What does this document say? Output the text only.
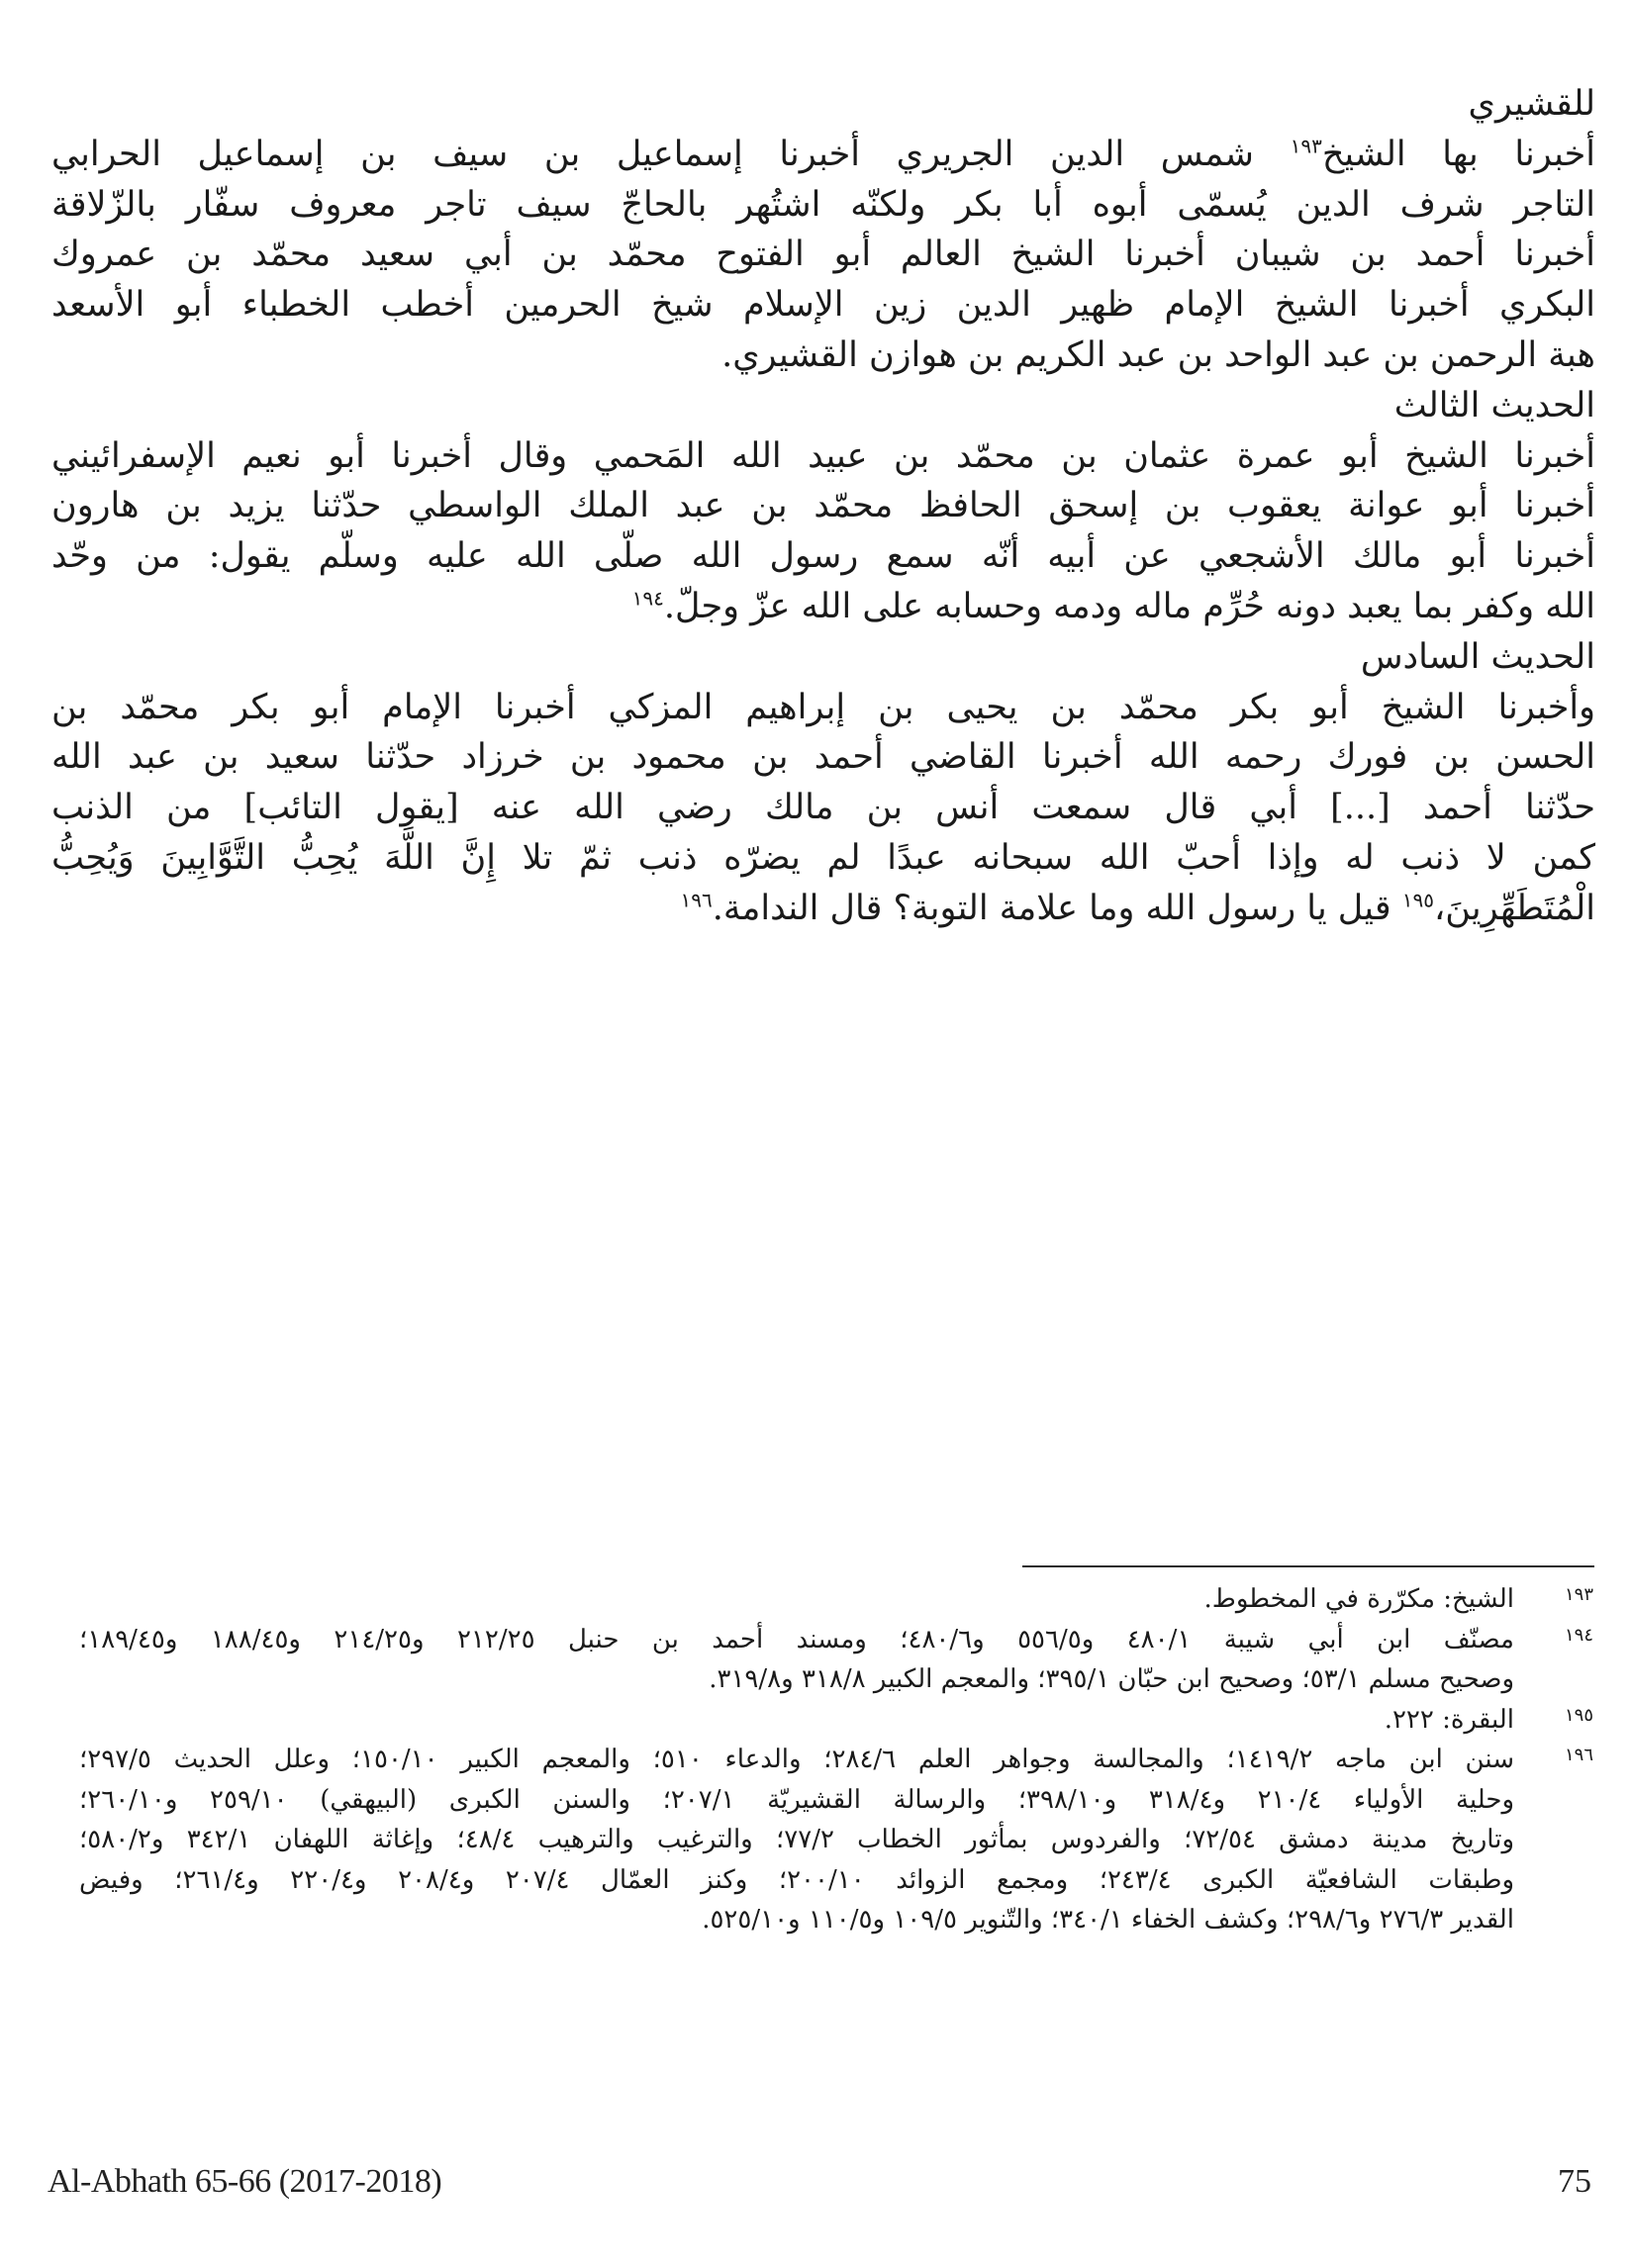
للقشيري
أخبرنا بها الشيخ$^{١٩٣}$ شمس الدين الجريري أخبرنا إسماعيل بن سيف بن إسماعيل الحرابي
التاجر شرف الدين يُسمّى أبوه أبا بكر ولكنّه اشتُهر بالحاجّ سيف تاجر معروف سفّار بالزّلاقة
أخبرنا أحمد بن شيبان أخبرنا الشيخ العالم أبو الفتوح محمّد بن أبي سعيد محمّد بن عمروك
البكري أخبرنا الشيخ الإمام ظهير الدين زين الإسلام شيخ الحرمين أخطب الخطباء أبو الأسعد
هبة الرحمن بن عبد الواحد بن عبد الكريم بن هوازن القشيري.
الحديث الثالث
أخبرنا الشيخ أبو عمرة عثمان بن محمّد بن عبيد الله المَحمي وقال أخبرنا أبو نعيم الإسفرائيني
أخبرنا أبو عوانة يعقوب بن إسحق الحافظ محمّد بن عبد الملك الواسطي حدّثنا يزيد بن هارون
أخبرنا أبو مالك الأشجعي عن أبيه أنّه سمع رسول الله صلّى الله عليه وسلّم يقول: من وحّد
الله وكفر بما يعبد دونه حُرِّم ماله ودمه وحسابه على الله عزّ وجلّ.$^{١٩٤}$
الحديث السادس
وأخبرنا الشيخ أبو بكر محمّد بن يحيى بن إبراهيم المزكي أخبرنا الإمام أبو بكر محمّد بن
الحسن بن فورك رحمه الله أخبرنا القاضي أحمد بن محمود بن خرزاد حدّثنا سعيد بن عبد الله
حدّثنا أحمد [...] أبي قال سمعت أنس بن مالك رضي الله عنه [يقول التائب] من الذنب
كمن لا ذنب له وإذا أحبّ الله سبحانه عبدًا لم يضرّه ذنب ثمّ تلا إِنَّ اللَّهَ يُحِبُّ التَّوَّابِينَ وَيُحِبُّ
الْمُتَطَهِّرِينَ،$^{١٩٥}$ قيل يا رسول الله وما علامة التوبة؟ قال الندامة.$^{١٩٦}$
١٩٣
الشيخ: مكرّرة في المخطوط.
١٩٤
مصنّف ابن أبي شيبة ٤٨٠/١ و٥٥٦/٥ و٤٨٠/٦؛ ومسند أحمد بن حنبل ٢١٢/٢٥ و٢١٤/٢٥ و١٨٨/٤٥ و١٨٩/٤٥؛
وصحيح مسلم ٥٣/١؛ وصحيح ابن حبّان ٣٩٥/١؛ والمعجم الكبير ٣١٨/٨ و٣١٩/٨.
١٩٥
البقرة: ٢٢٢.
١٩٦
سنن ابن ماجه ١٤١٩/٢؛ والمجالسة وجواهر العلم ٢٨٤/٦؛ والدعاء ٥١٠؛ والمعجم الكبير ١٥٠/١٠؛ وعلل الحديث ٢٩٧/٥؛
وحلية الأولياء ٢١٠/٤ و٣١٨/٤ و٣٩٨/١٠؛ والرسالة القشيريّة ٢٠٧/١؛ والسنن الكبرى (البيهقي) ٢٥٩/١٠ و٢٦٠/١٠؛
وتاريخ مدينة دمشق ٧٢/٥٤؛ والفردوس بمأثور الخطاب ٧٧/٢؛ والترغيب والترهيب ٤٨/٤؛ وإغاثة اللهفان ٣٤٢/١ و٥٨٠/٢؛
وطبقات الشافعيّة الكبرى ٢٤٣/٤؛ ومجمع الزوائد ٢٠٠/١٠؛ وكنز العمّال ٢٠٧/٤ و٢٠٨/٤ و٢٢٠/٤ و٢٦١/٤؛ وفيض
القدير ٢٧٦/٣ و٢٩٨/٦؛ وكشف الخفاء ٣٤٠/١؛ والتّنوير ١٠٩/٥ و١١٠/٥ و٥٢٥/١٠.
Al-Abhath 65-66 (2017-2018)	75
